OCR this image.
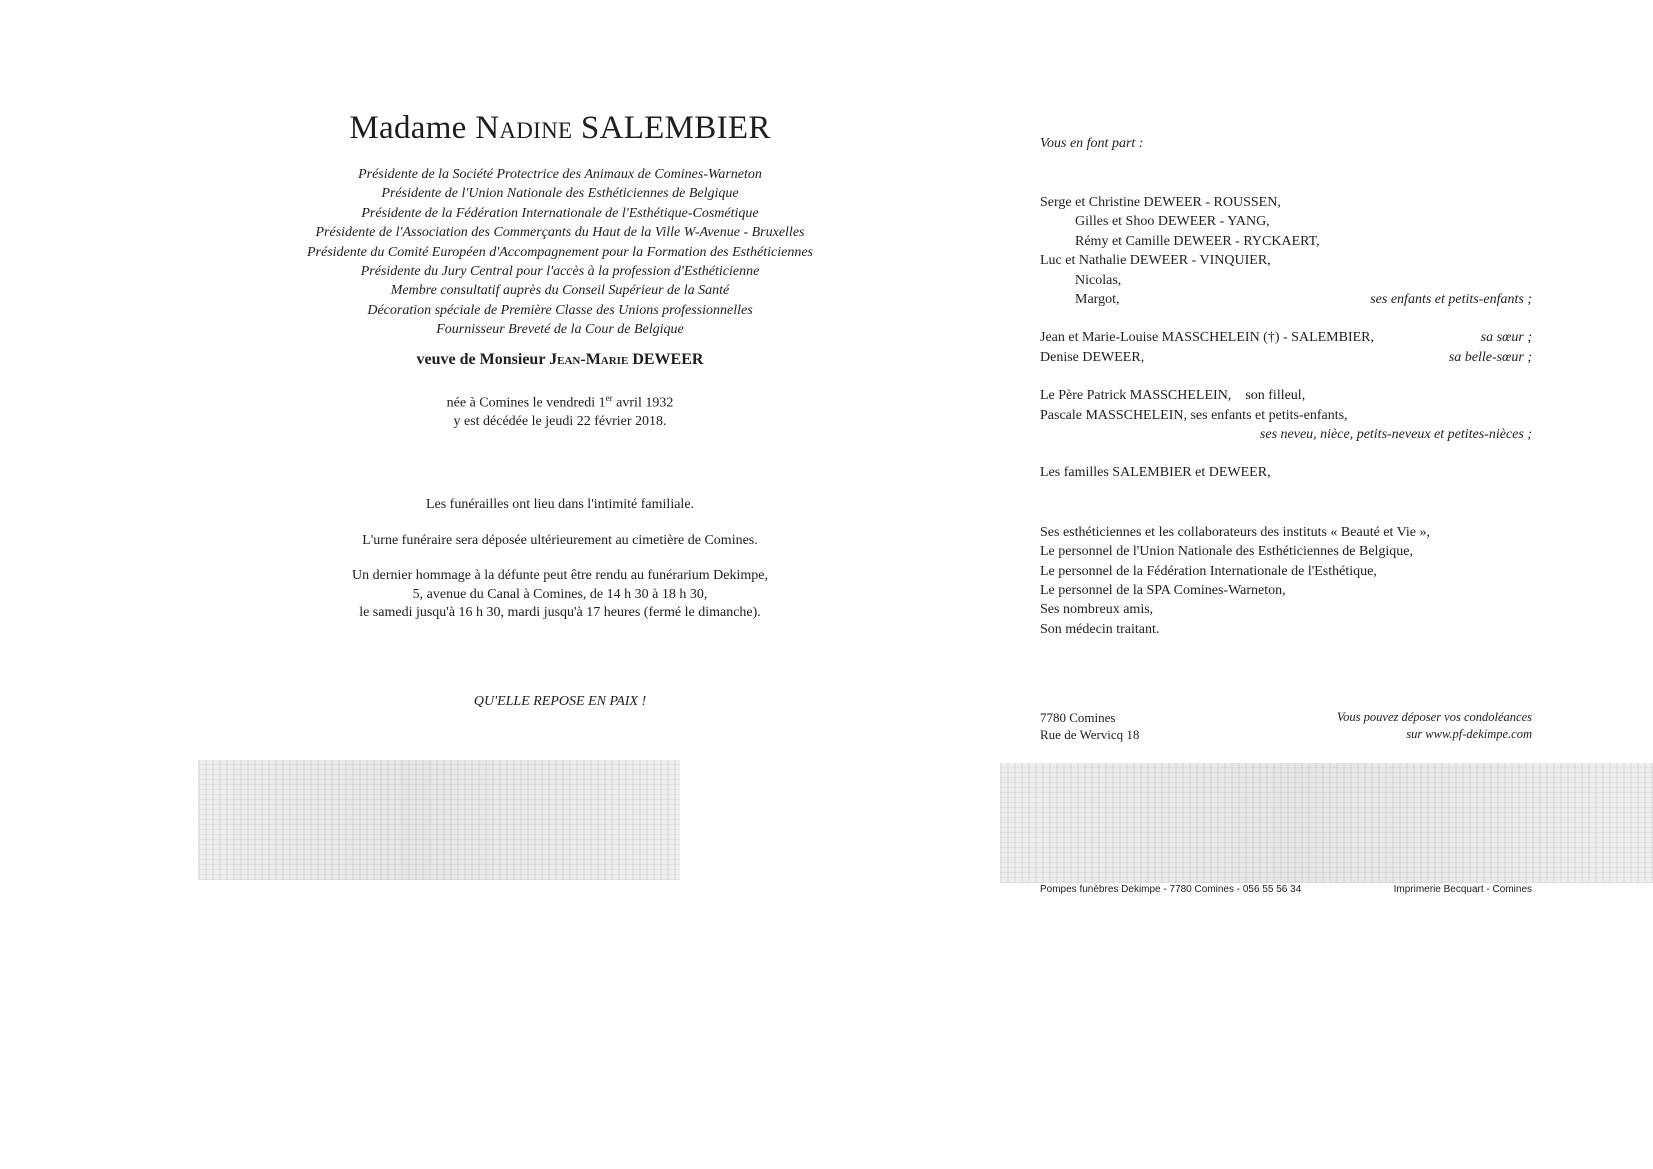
Madame Nadine SALEMBIER
Présidente de la Société Protectrice des Animaux de Comines-Warneton
Présidente de l'Union Nationale des Esthéticiennes de Belgique
Présidente de la Fédération Internationale de l'Esthétique-Cosmétique
Présidente de l'Association des Commerçants du Haut de la Ville W-Avenue - Bruxelles
Présidente du Comité Européen d'Accompagnement pour la Formation des Esthéticiennes
Présidente du Jury Central pour l'accès à la profession d'Esthéticienne
Membre consultatif auprès du Conseil Supérieur de la Santé
Décoration spéciale de Première Classe des Unions professionnelles
Fournisseur Breveté de la Cour de Belgique
veuve de Monsieur Jean-Marie DEWEER
née à Comines le vendredi 1er avril 1932
y est décédée le jeudi 22 février 2018.

Les funérailles ont lieu dans l'intimité familiale.

L'urne funéraire sera déposée ultérieurement au cimetière de Comines.

Un dernier hommage à la défunte peut être rendu au funérarium Dekimpe,
5, avenue du Canal à Comines, de 14 h 30 à 18 h 30,
le samedi jusqu'à 16 h 30, mardi jusqu'à 17 heures (fermé le dimanche).

QU'ELLE REPOSE EN PAIX !
Vous en font part :
Serge et Christine DEWEER - ROUSSEN,
Gilles et Shoo DEWEER - YANG,
Rémy et Camille DEWEER - RYCKAERT,
Luc et Nathalie DEWEER - VINQUIER,
Nicolas,
Margot,	ses enfants et petits-enfants ;
Jean et Marie-Louise MASSCHELEIN (†) - SALEMBIER,	sa sœur ;
Denise DEWEER,	sa belle-sœur ;
Le Père Patrick MASSCHELEIN, son filleul,
Pascale MASSCHELEIN, ses enfants et petits-enfants,
ses neveu, nièce, petits-neveux et petites-nièces ;
Les familles SALEMBIER et DEWEER,
Ses esthéticiennes et les collaborateurs des instituts « Beauté et Vie »,
Le personnel de l'Union Nationale des Esthéticiennes de Belgique,
Le personnel de la Fédération Internationale de l'Esthétique,
Le personnel de la SPA Comines-Warneton,
Ses nombreux amis,
Son médecin traitant.
7780 Comines
Rue de Wervicq 18
Vous pouvez déposer vos condoléances
sur www.pf-dekimpe.com
Pompes funèbres Dekimpe - 7780 Comines - 056 55 56 34	Imprimerie Becquart - Comines
